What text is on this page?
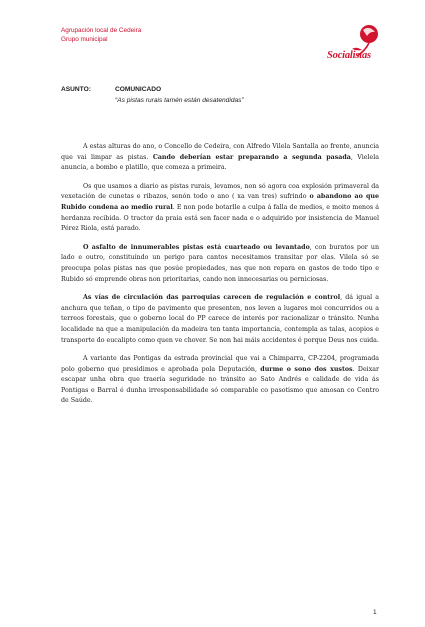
Agrupación local de Cedeira
Grupo municipal
Socialistas
ASUNTO:	COMUNICADO
“As pistas rurais tamén están desatendidas”

A estas alturas do ano, o Concello de Cedeira, con Alfredo Vilela Santalla ao frente, anuncia que vai limpar as pistas. Cando deberían estar preparando a segunda pasada, Vielela anuncia, a bombo e platillo, que comeza a primeira.

Os que usamos a diario as pistas rurais, levamos, non só agora coa explosión primaveral da vexetación de cunetas e ribazos, senón todo o ano ( xa van tres) sufrindo o abandono ao que Rubido condena ao medio rural. E non pode botarlle a culpa á falla de medios, e moito menos á herdanza recibida. O tractor da praia está sen facer nada e o adquirido por insistencia de Manuel Pérez Riola, está parado.

O asfalto de innumerables pistas está cuarteado ou levantado, con buratos por un lado e outro, constituíndo un perigo para cantos necesitamos transitar por elas. Vilela só se preocupa polas pistas nas que posúe propiedades, nas que non repara en gastos de todo tipo e Rubido só emprende obras non prioritarias, cando non innecesarias ou perniciosas.

As vías de circulación das parroquias carecen de regulación e control, dá igual a anchura que teñan, o tipo de pavimento que presenten, nos leven a lugares moi concurridos ou a terreos forestais, que o goberno local do PP carece de interés por racionalizar o tránsito. Nunha localidade na que a manipulación da madeira ten tanta importancia, contempla as talas, acopios e transporte do eucalipto como quen ve chover. Se non hai máis accidentes é porque Deus nos cuida.

A variante das Pontigas da estrada provincial que vai a Chimparra, CP-2204, programada polo goberno que presidimos e aprobada pola Deputación, durme o sono dos xustos. Deixar escapar unha obra que traería seguridade no tránsito ao Sato Andrés e calidade de vida ás Pontigas e Barral é dunha irresponsabilidade só comparable co pasotismo que amosan co Centro de Saúde.

1
